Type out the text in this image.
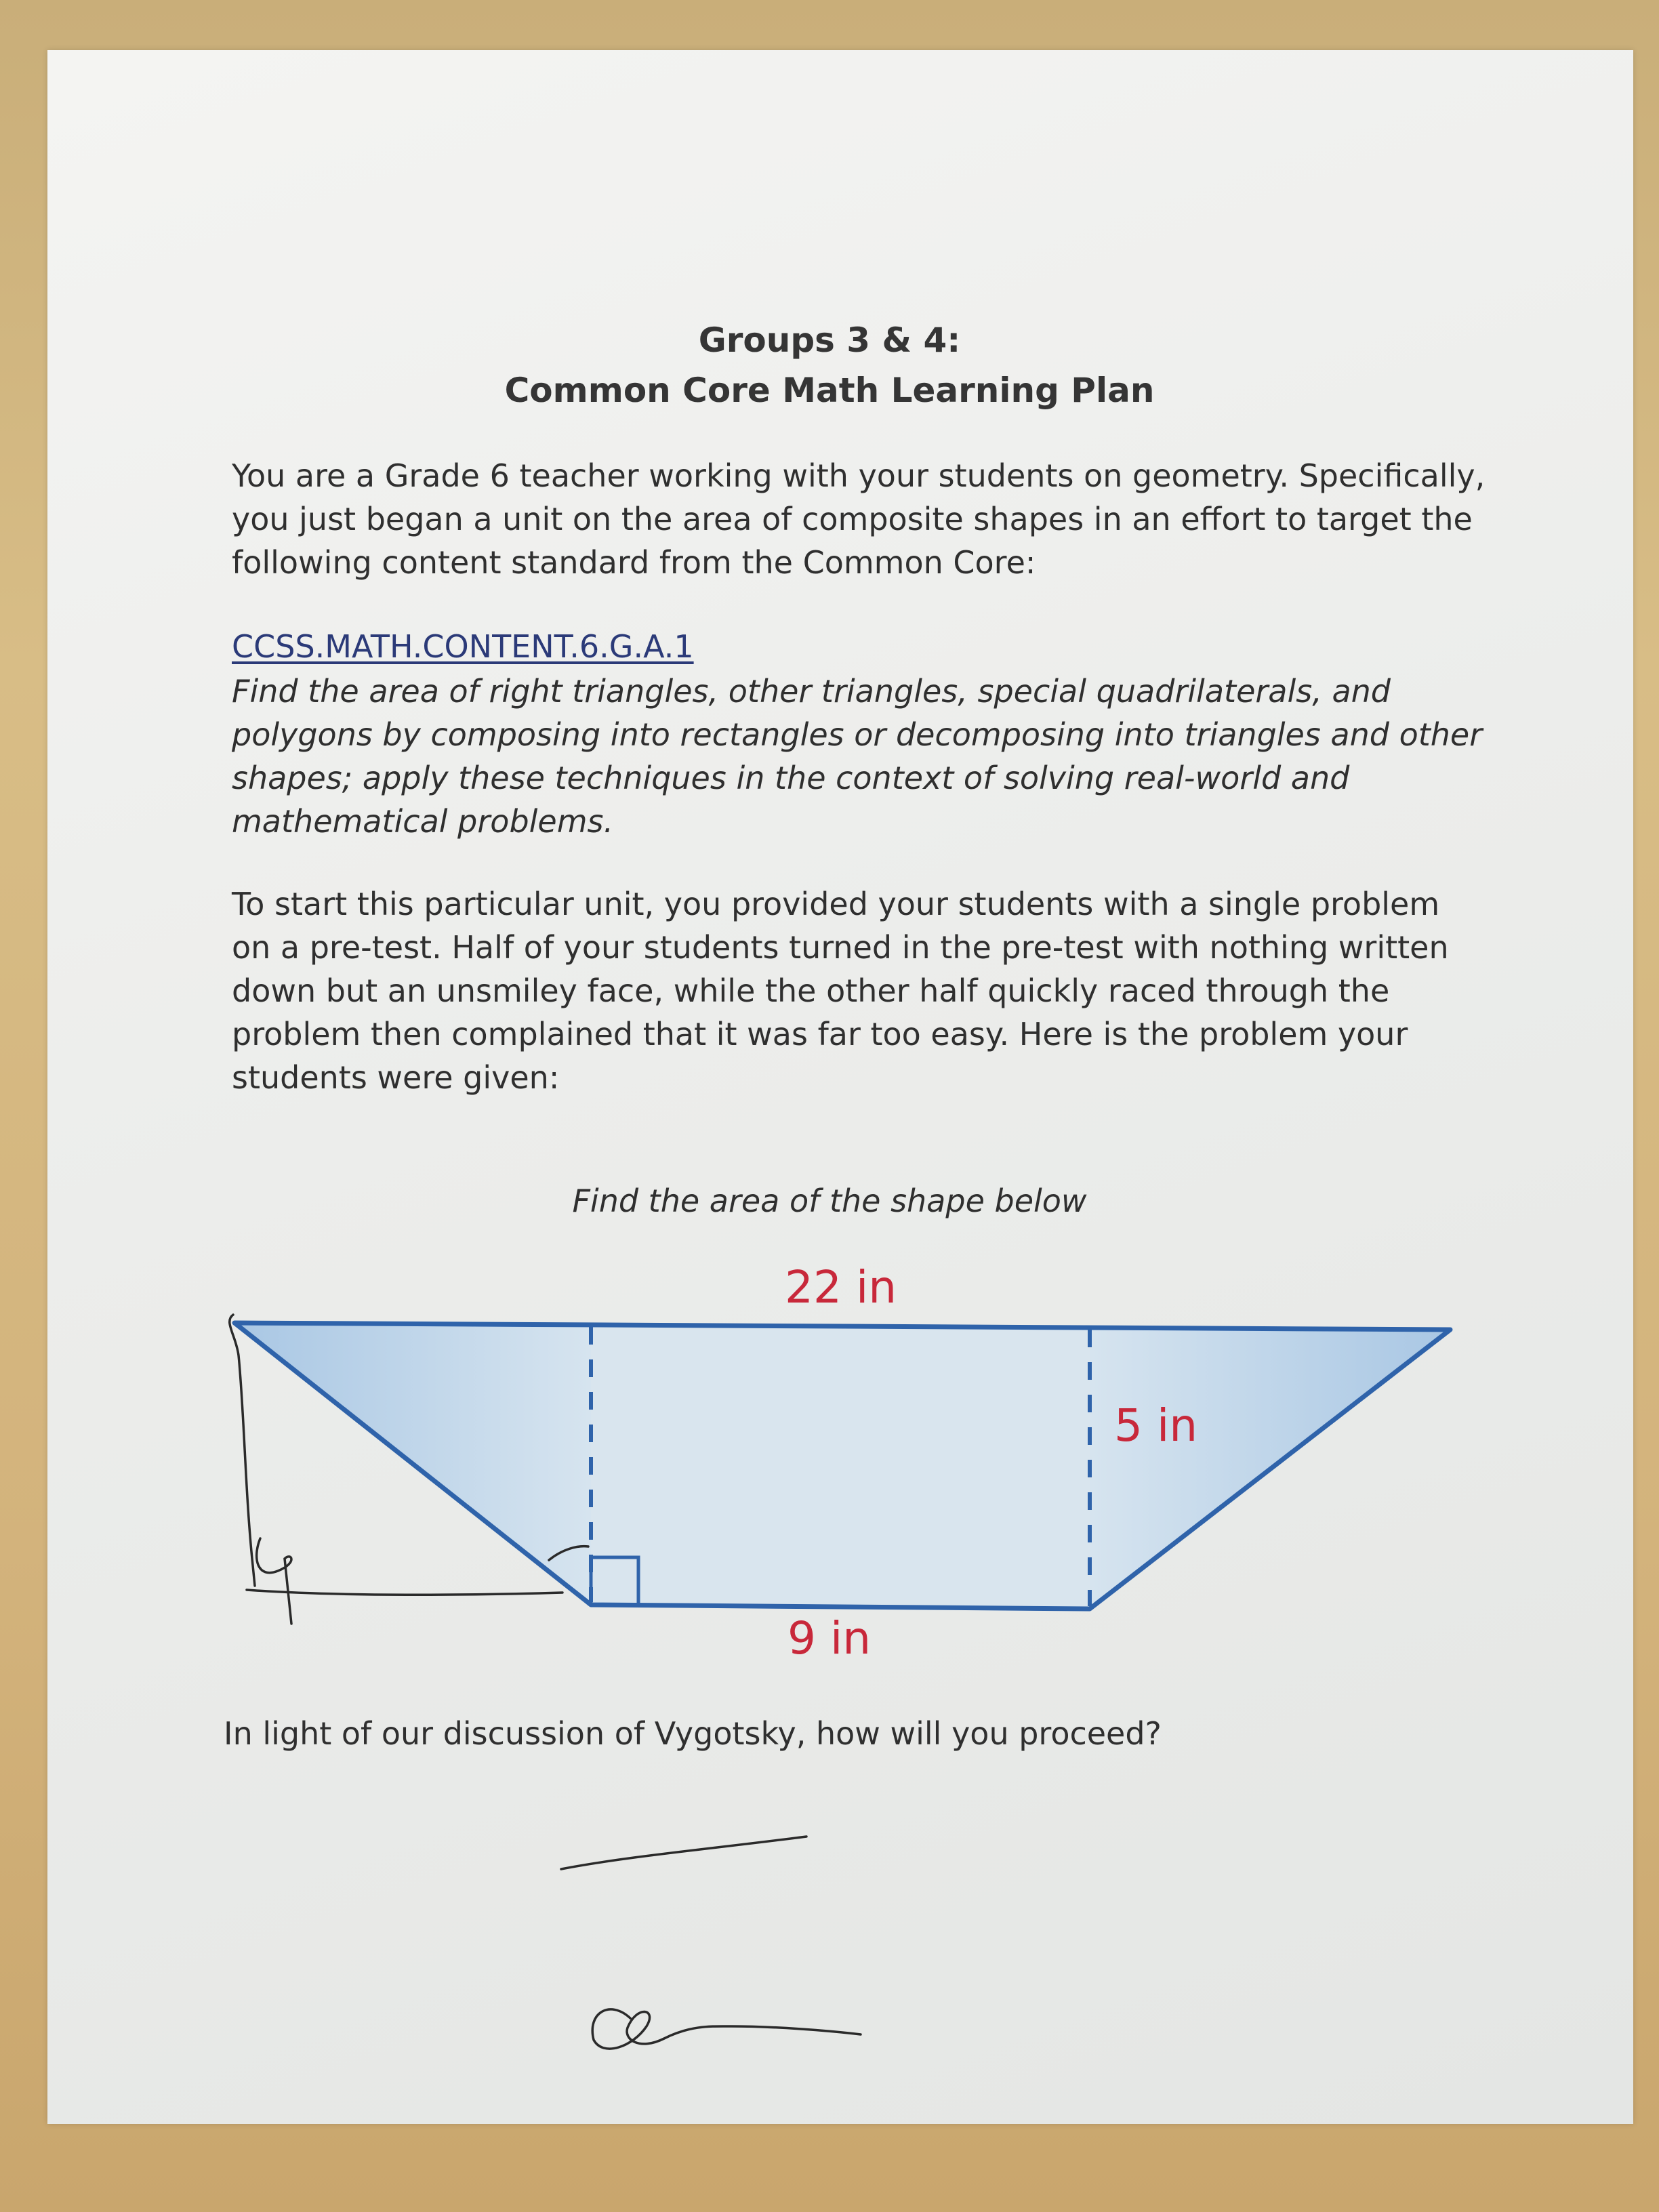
Groups 3 & 4:
Common Core Math Learning Plan
You are a Grade 6 teacher working with your students on geometry. Specifically, you just began a unit on the area of composite shapes in an effort to target the following content standard from the Common Core:
CCSS.MATH.CONTENT.6.G.A.1
Find the area of right triangles, other triangles, special quadrilaterals, and polygons by composing into rectangles or decomposing into triangles and other shapes; apply these techniques in the context of solving real-world and mathematical problems.
To start this particular unit, you provided your students with a single problem on a pre-test. Half of your students turned in the pre-test with nothing written down but an unsmiley face, while the other half quickly raced through the problem then complained that it was far too easy. Here is the problem your students were given:
Find the area of the shape below
22 in
5 in
9 in
In light of our discussion of Vygotsky, how will you proceed?
